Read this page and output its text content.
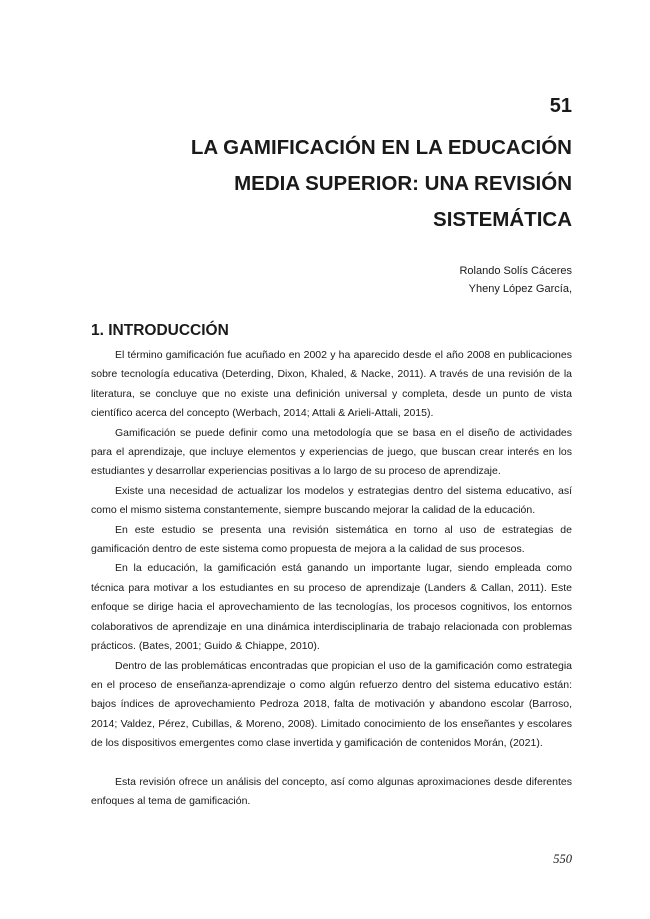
51
LA GAMIFICACIÓN EN LA EDUCACIÓN
MEDIA SUPERIOR: UNA REVISIÓN
SISTEMÁTICA
Rolando Solís Cáceres
Yheny López García,
1. INTRODUCCIÓN

El término gamificación fue acuñado en 2002 y ha aparecido desde el año 2008 en publicaciones sobre tecnología educativa (Deterding, Dixon, Khaled, & Nacke, 2011). A través de una revisión de la literatura, se concluye que no existe una definición universal y completa, desde un punto de vista científico acerca del concepto (Werbach, 2014; Attali & Arieli-Attali, 2015).

Gamificación se puede definir como una metodología que se basa en el diseño de actividades para el aprendizaje, que incluye elementos y experiencias de juego, que buscan crear interés en los estudiantes y desarrollar experiencias positivas a lo largo de su proceso de aprendizaje.

Existe una necesidad de actualizar los modelos y estrategias dentro del sistema educativo, así como el mismo sistema constantemente, siempre buscando mejorar la calidad de la educación.

En este estudio se presenta una revisión sistemática en torno al uso de estrategias de gamificación dentro de este sistema como propuesta de mejora a la calidad de sus procesos.

En la educación, la gamificación está ganando un importante lugar, siendo empleada como técnica para motivar a los estudiantes en su proceso de aprendizaje (Landers & Callan, 2011). Este enfoque se dirige hacia el aprovechamiento de las tecnologías, los procesos cognitivos, los entornos colaborativos de aprendizaje en una dinámica interdisciplinaria de trabajo relacionada con problemas prácticos. (Bates, 2001; Guido & Chiappe, 2010).

Dentro de las problemáticas encontradas que propician el uso de la gamificación como estrategia en el proceso de enseñanza-aprendizaje o como algún refuerzo dentro del sistema educativo están: bajos índices de aprovechamiento Pedroza 2018, falta de motivación y abandono escolar (Barroso, 2014; Valdez, Pérez, Cubillas, & Moreno, 2008). Limitado conocimiento de los enseñantes y escolares de los dispositivos emergentes como clase invertida y gamificación de contenidos Morán, (2021).

Esta revisión ofrece un análisis del concepto, así como algunas aproximaciones desde diferentes enfoques al tema de gamificación.

550
